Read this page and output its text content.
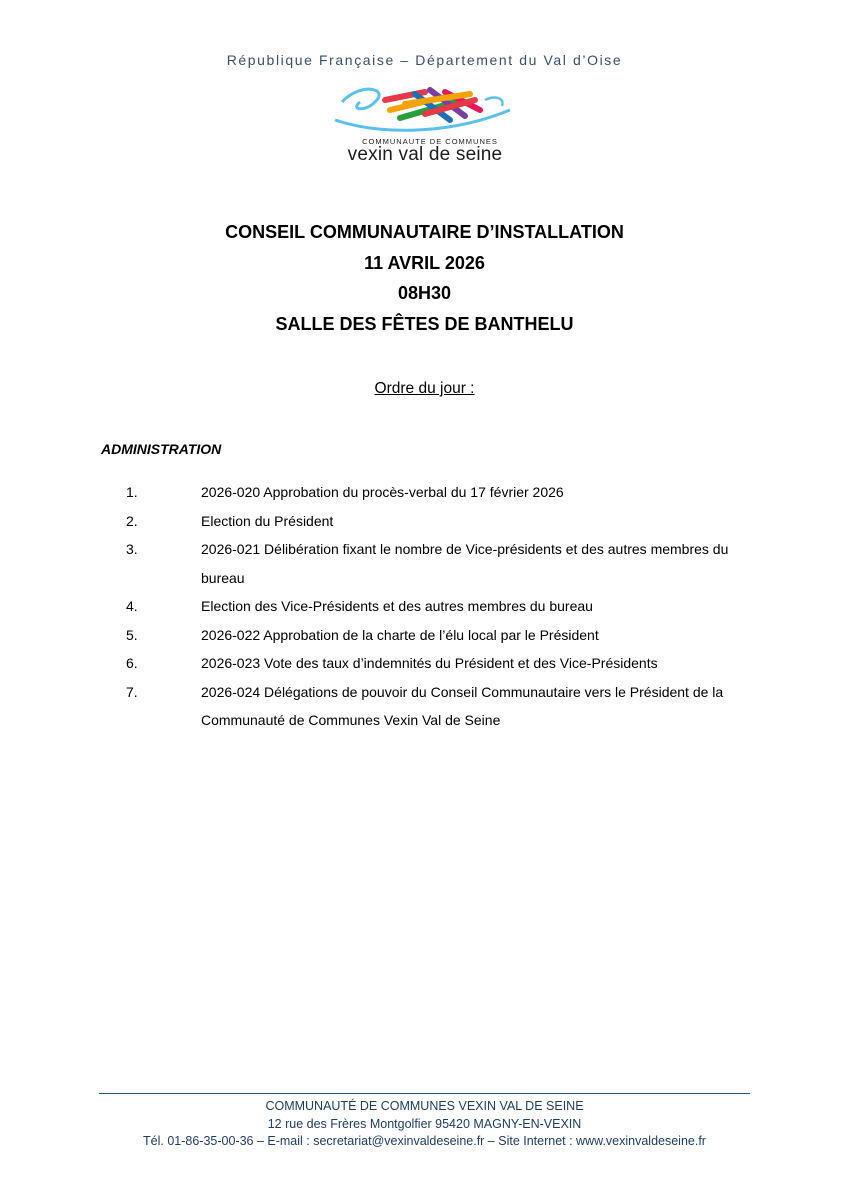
République Française – Département du Val d’Oise
COMMUNAUTE DE COMMUNES
vexin val de seine
CONSEIL COMMUNAUTAIRE D’INSTALLATION
11 AVRIL 2026
08H30
SALLE DES FÊTES DE BANTHELU
Ordre du jour :
ADMINISTRATION
1.	2026-020 Approbation du procès-verbal du 17 février 2026
2.	Election du Président
3.	2026-021 Délibération fixant le nombre de Vice-présidents et des autres membres du bureau
4.	Election des Vice-Présidents et des autres membres du bureau
5.	2026-022 Approbation de la charte de l’élu local par le Président
6.	2026-023 Vote des taux d’indemnités du Président et des Vice-Présidents
7.	2026-024 Délégations de pouvoir du Conseil Communautaire vers le Président de la Communauté de Communes Vexin Val de Seine
COMMUNAUTÉ DE COMMUNES VEXIN VAL DE SEINE
12 rue des Frères Montgolfier 95420 MAGNY-EN-VEXIN
Tél. 01-86-35-00-36 – E-mail : secretariat@vexinvaldeseine.fr – Site Internet : www.vexinvaldeseine.fr
